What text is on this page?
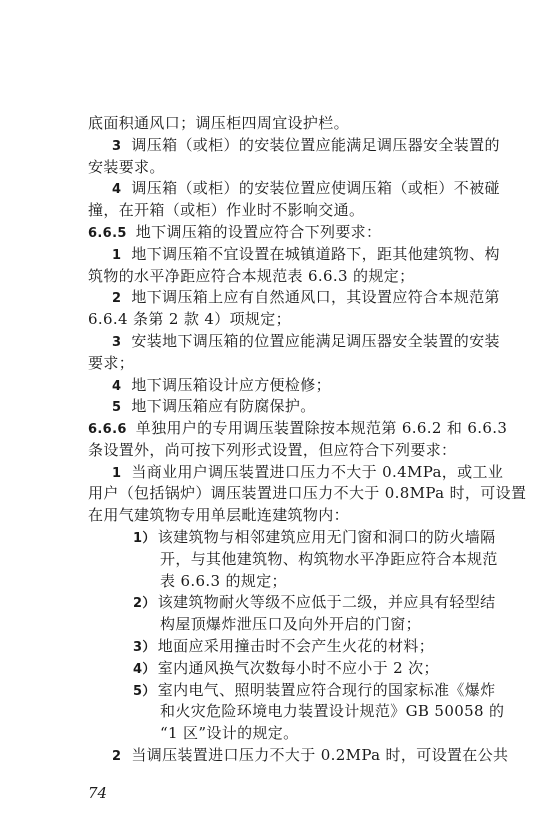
底面积通风口；调压柜四周宜设护栏。
3 调压箱（或柜）的安装位置应能满足调压器安全装置的
安装要求。
4 调压箱（或柜）的安装位置应使调压箱（或柜）不被碰
撞，在开箱（或柜）作业时不影响交通。
6.6.5 地下调压箱的设置应符合下列要求：
1 地下调压箱不宜设置在城镇道路下，距其他建筑物、构
筑物的水平净距应符合本规范表 6.6.3 的规定；
2 地下调压箱上应有自然通风口，其设置应符合本规范第
6.6.4 条第 2 款 4）项规定；
3 安装地下调压箱的位置应能满足调压器安全装置的安装
要求；
4 地下调压箱设计应方便检修；
5 地下调压箱应有防腐保护。
6.6.6 单独用户的专用调压装置除按本规范第 6.6.2 和 6.6.3
条设置外，尚可按下列形式设置，但应符合下列要求：
1 当商业用户调压装置进口压力不大于 0.4MPa，或工业
用户（包括锅炉）调压装置进口压力不大于 0.8MPa 时，可设置
在用气建筑物专用单层毗连建筑物内：
1） 该建筑物与相邻建筑应用无门窗和洞口的防火墙隔
开，与其他建筑物、构筑物水平净距应符合本规范
表 6.6.3 的规定；
2） 该建筑物耐火等级不应低于二级，并应具有轻型结
构屋顶爆炸泄压口及向外开启的门窗；
3） 地面应采用撞击时不会产生火花的材料；
4） 室内通风换气次数每小时不应小于 2 次；
5） 室内电气、照明装置应符合现行的国家标准《爆炸
和火灾危险环境电力装置设计规范》GB 50058 的
“1 区”设计的规定。
2 当调压装置进口压力不大于 0.2MPa 时，可设置在公共
74
